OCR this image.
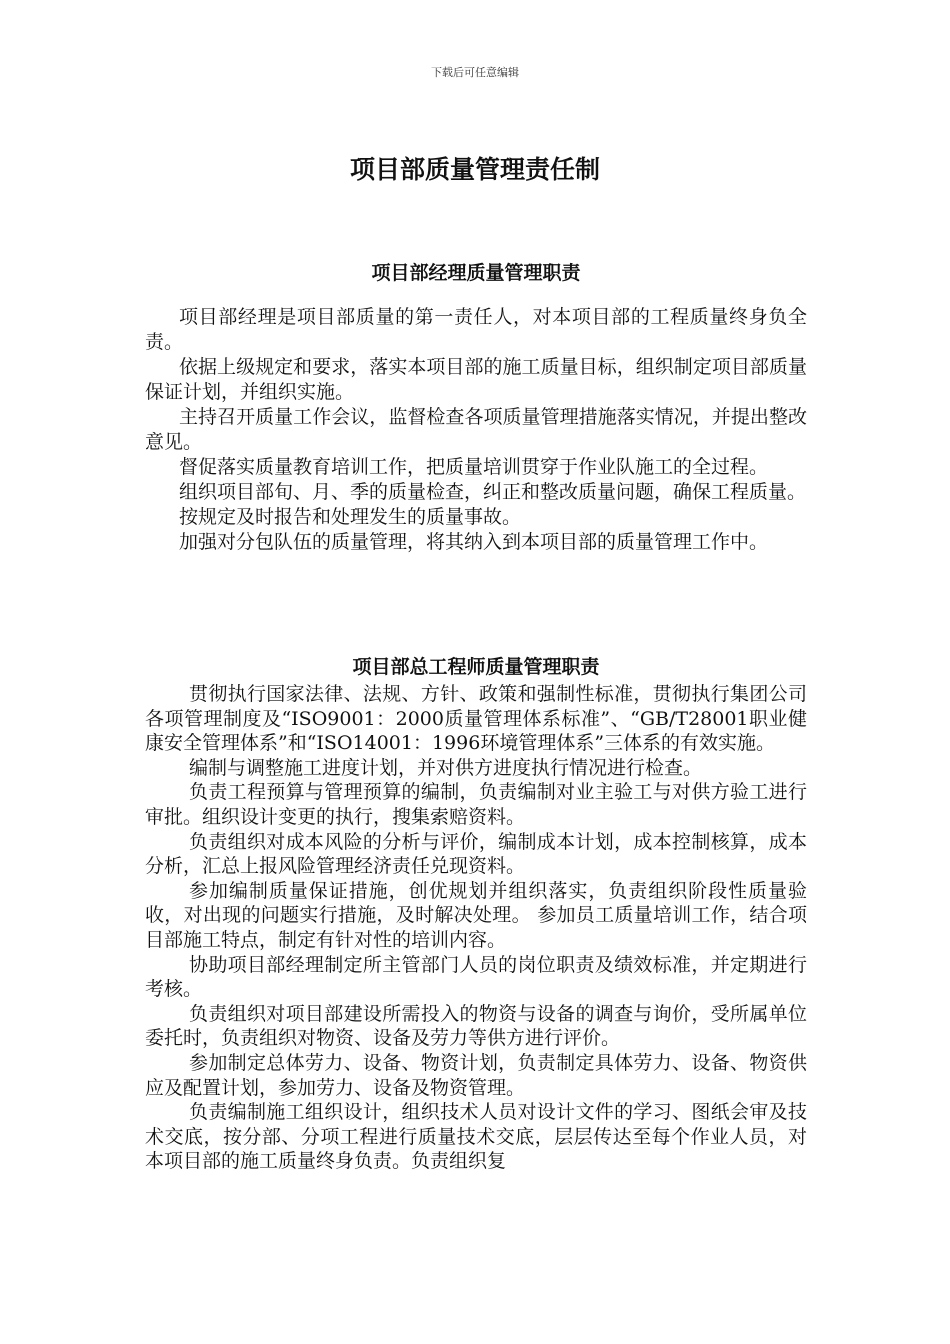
下载后可任意编辑
项目部质量管理责任制
项目部经理质量管理职责

项目部经理是项目部质量的第一责任人，对本项目部的工程质量终身负全责。

依据上级规定和要求，落实本项目部的施工质量目标，组织制定项目部质量保证计划，并组织实施。

主持召开质量工作会议，监督检查各项质量管理措施落实情况，并提出整改意见。

督促落实质量教育培训工作，把质量培训贯穿于作业队施工的全过程。

组织项目部旬、月、季的质量检查，纠正和整改质量问题，确保工程质量。

按规定及时报告和处理发生的质量事故。

加强对分包队伍的质量管理，将其纳入到本项目部的质量管理工作中。

项目部总工程师质量管理职责

贯彻执行国家法律、法规、方针、政策和强制性标准，贯彻执行集团公司各项管理制度及“ISO9001：2000质量管理体系标准”、“GB/T28001职业健康安全管理体系”和“ISO14001：1996环境管理体系”三体系的有效实施。

编制与调整施工进度计划，并对供方进度执行情况进行检查。

负责工程预算与管理预算的编制，负责编制对业主验工与对供方验工进行审批。组织设计变更的执行，搜集索赔资料。

负责组织对成本风险的分析与评价，编制成本计划，成本控制核算，成本分析，汇总上报风险管理经济责任兑现资料。

参加编制质量保证措施，创优规划并组织落实，负责组织阶段性质量验收，对出现的问题实行措施，及时解决处理。 参加员工质量培训工作，结合项目部施工特点，制定有针对性的培训内容。

协助项目部经理制定所主管部门人员的岗位职责及绩效标准，并定期进行考核。

负责组织对项目部建设所需投入的物资与设备的调查与询价，受所属单位委托时，负责组织对物资、设备及劳力等供方进行评价。

参加制定总体劳力、设备、物资计划，负责制定具体劳力、设备、物资供应及配置计划，参加劳力、设备及物资管理。

负责编制施工组织设计，组织技术人员对设计文件的学习、图纸会审及技术交底，按分部、分项工程进行质量技术交底，层层传达至每个作业人员，对本项目部的施工质量终身负责。负责组织复
